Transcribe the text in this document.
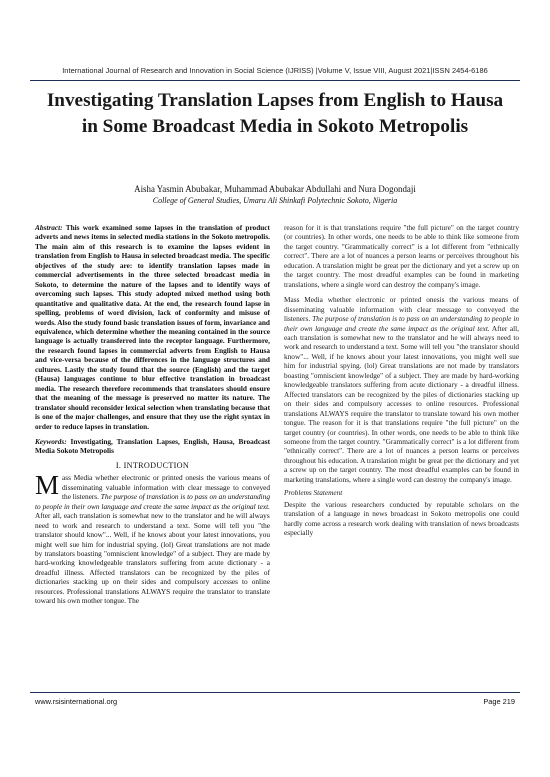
International Journal of Research and Innovation in Social Science (IJRISS) |Volume V, Issue VIII, August 2021|ISSN 2454-6186
Investigating Translation Lapses from English to Hausa in Some Broadcast Media in Sokoto Metropolis
Aisha Yasmin Abubakar, Muhammad Abubakar Abdullahi and Nura Dogondaji
College of General Studies, Umaru Ali Shinkafi Polytechnic Sokoto, Nigeria

Abstract: This work examined some lapses in the translation of product adverts and news items in selected media stations in the Sokoto metropolis. The main aim of this research is to examine the lapses evident in translation from English to Hausa in selected broadcast media. The specific objectives of the study are: to identify translation lapses made in commercial advertisements in the three selected broadcast media in Sokoto, to determine the nature of the lapses and to identify ways of overcoming such lapses. This study adopted mixed method using both quantitative and qualitative data. At the end, the research found lapse in spelling, problems of word division, lack of conformity and misuse of words. Also the study found basic translation issues of form, invariance and equivalence, which determine whether the meaning contained in the source language is actually transferred into the receptor language. Furthermore, the research found lapses in commercial adverts from English to Hausa and vice-versa because of the differences in the language structures and cultures. Lastly the study found that the source (English) and the target (Hausa) languages continue to blur effective translation in broadcast media. The research therefore recommends that translators should ensure that the meaning of the message is preserved no matter its nature. The translator should reconsider lexical selection when translating because that is one of the major challenges, and ensure that they use the right syntax in order to reduce lapses in translation.

Keywords: Investigating, Translation Lapses, English, Hausa, Broadcast Media Sokoto Metropolis

I. INTRODUCTION

Mass Media whether electronic or printed onesis the various means of disseminating valuable information with clear message to conveyed the listeners. The purpose of translation is to pass on an understanding to people in their own language and create the same impact as the original text. After all, each translation is somewhat new to the translator and he will always need to work and research to understand a text. Some will tell you "the translator should know"... Well, if he knows about your latest innovations, you might well sue him for industrial spying. (lol) Great translations are not made by translators boasting "omniscient knowledge" of a subject. They are made by hard-working knowledgeable translators suffering from acute dictionary - a dreadful illness. Affected translators can be recognized by the piles of dictionaries stacking up on their sides and compulsory accesses to online resources. Professional translations ALWAYS require the translator to translate toward his own mother tongue. The

reason for it is that translations require "the full picture" on the target country (or countries). In other words, one needs to be able to think like someone from the target country. "Grammatically correct" is a lot different from "ethnically correct". There are a lot of nuances a person learns or perceives throughout his education. A translation might be great per the dictionary and yet a screw up on the target country. The most dreadful examples can be found in marketing translations, where a single word can destroy the company's image.

Mass Media whether electronic or printed onesis the various means of disseminating valuable information with clear message to conveyed the listeners. The purpose of translation is to pass on an understanding to people in their own language and create the same impact as the original text. After all, each translation is somewhat new to the translator and he will always need to work and research to understand a text. Some will tell you "the translator should know"... Well, if he knows about your latest innovations, you might well sue him for industrial spying. (lol) Great translations are not made by translators boasting "omniscient knowledge" of a subject. They are made by hard-working knowledgeable translators suffering from acute dictionary - a dreadful illness. Affected translators can be recognized by the piles of dictionaries stacking up on their sides and compulsory accesses to online resources. Professional translations ALWAYS require the translator to translate toward his own mother tongue. The reason for it is that translations require "the full picture" on the target country (or countries). In other words, one needs to be able to think like someone from the target country. "Grammatically correct" is a lot different from "ethnically correct". There are a lot of nuances a person learns or perceives throughout his education. A translation might be great per the dictionary and yet a screw up on the target country. The most dreadful examples can be found in marketing translations, where a single word can destroy the company's image.

Problems Statement

Despite the various researchers conducted by reputable scholars on the translation of a language in news broadcast in Sokoto metropolis one could hardly come across a research work dealing with translation of news broadcasts especially

www.rsisinternational.org	Page 219
